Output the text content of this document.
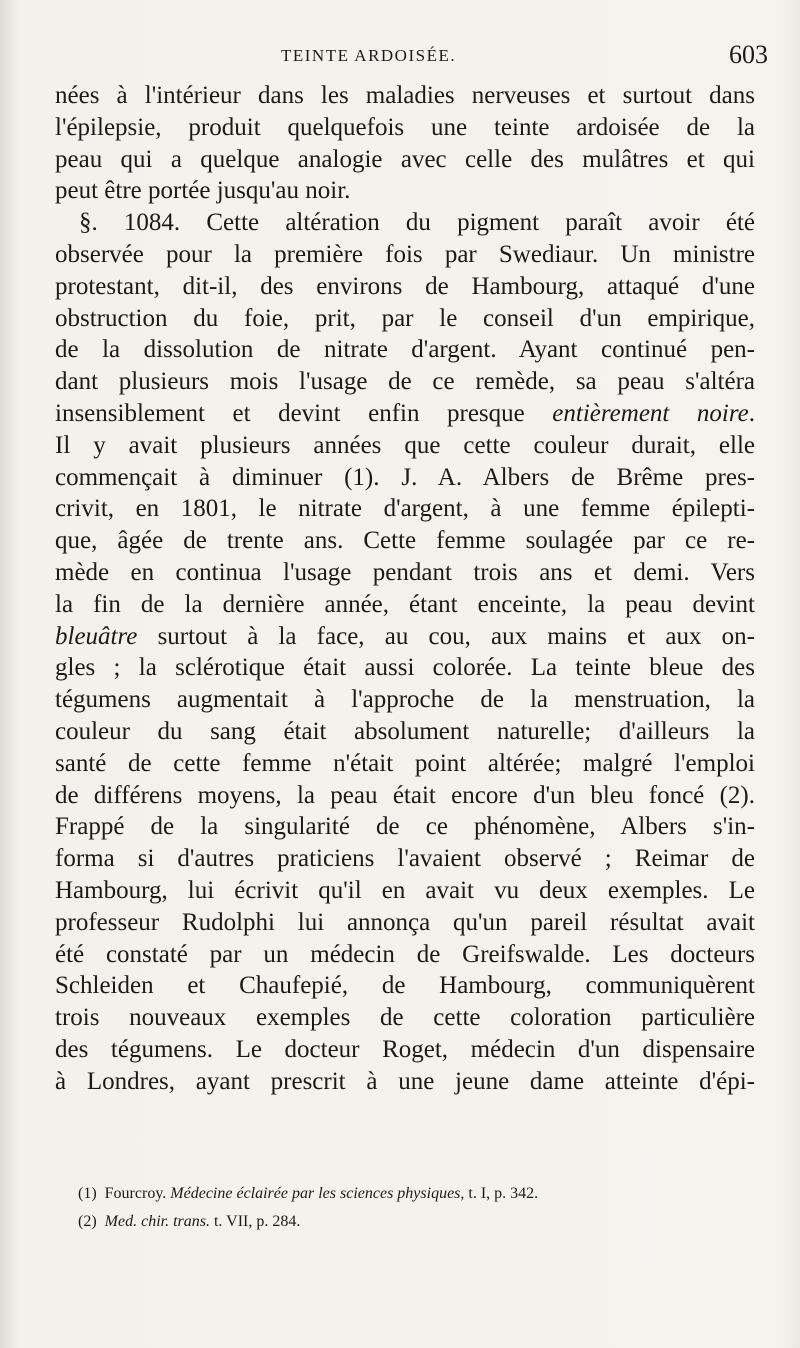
TEINTE ARDOISÉE.	603
nées à l'intérieur dans les maladies nerveuses et surtout dans
l'épilepsie, produit quelquefois une teinte ardoisée de la
peau qui a quelque analogie avec celle des mulâtres et qui
peut être portée jusqu'au noir.
§. 1084. Cette altération du pigment paraît avoir été
observée pour la première fois par Swediaur. Un ministre
protestant, dit-il, des environs de Hambourg, attaqué d'une
obstruction du foie, prit, par le conseil d'un empirique,
de la dissolution de nitrate d'argent. Ayant continué pen-
dant plusieurs mois l'usage de ce remède, sa peau s'altéra
insensiblement et devint enfin presque entièrement noire.
Il y avait plusieurs années que cette couleur durait, elle
commençait à diminuer (1). J. A. Albers de Brême pres-
crivit, en 1801, le nitrate d'argent, à une femme épilepti-
que, âgée de trente ans. Cette femme soulagée par ce re-
mède en continua l'usage pendant trois ans et demi. Vers
la fin de la dernière année, étant enceinte, la peau devint
bleuâtre surtout à la face, au cou, aux mains et aux on-
gles ; la sclérotique était aussi colorée. La teinte bleue des
tégumens augmentait à l'approche de la menstruation, la
couleur du sang était absolument naturelle; d'ailleurs la
santé de cette femme n'était point altérée; malgré l'emploi
de différens moyens, la peau était encore d'un bleu foncé (2).
Frappé de la singularité de ce phénomène, Albers s'in-
forma si d'autres praticiens l'avaient observé ; Reimar de
Hambourg, lui écrivit qu'il en avait vu deux exemples. Le
professeur Rudolphi lui annonça qu'un pareil résultat avait
été constaté par un médecin de Greifswalde. Les docteurs
Schleiden et Chaufepié, de Hambourg, communiquèrent
trois nouveaux exemples de cette coloration particulière
des tégumens. Le docteur Roget, médecin d'un dispensaire
à Londres, ayant prescrit à une jeune dame atteinte d'épi-
(1) Fourcroy. Médecine éclairée par les sciences physiques, t. I, p. 342.
(2) Med. chir. trans. t. VII, p. 284.
